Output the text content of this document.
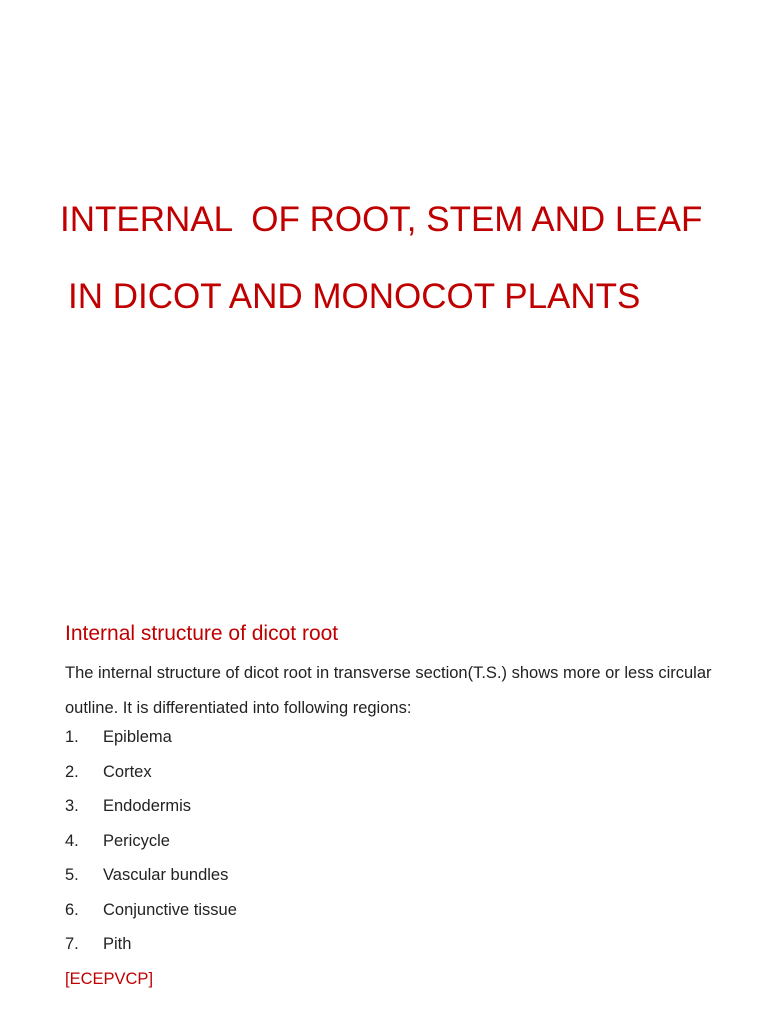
INTERNAL  OF ROOT, STEM AND LEAF
IN DICOT AND MONOCOT PLANTS
Internal structure of dicot root
The internal structure of dicot root in transverse section(T.S.) shows more or less circular outline. It is differentiated into following regions:
1. Epiblema
2. Cortex
3. Endodermis
4. Pericycle
5. Vascular bundles
6. Conjunctive tissue
7. Pith
[ECEPVCP]
